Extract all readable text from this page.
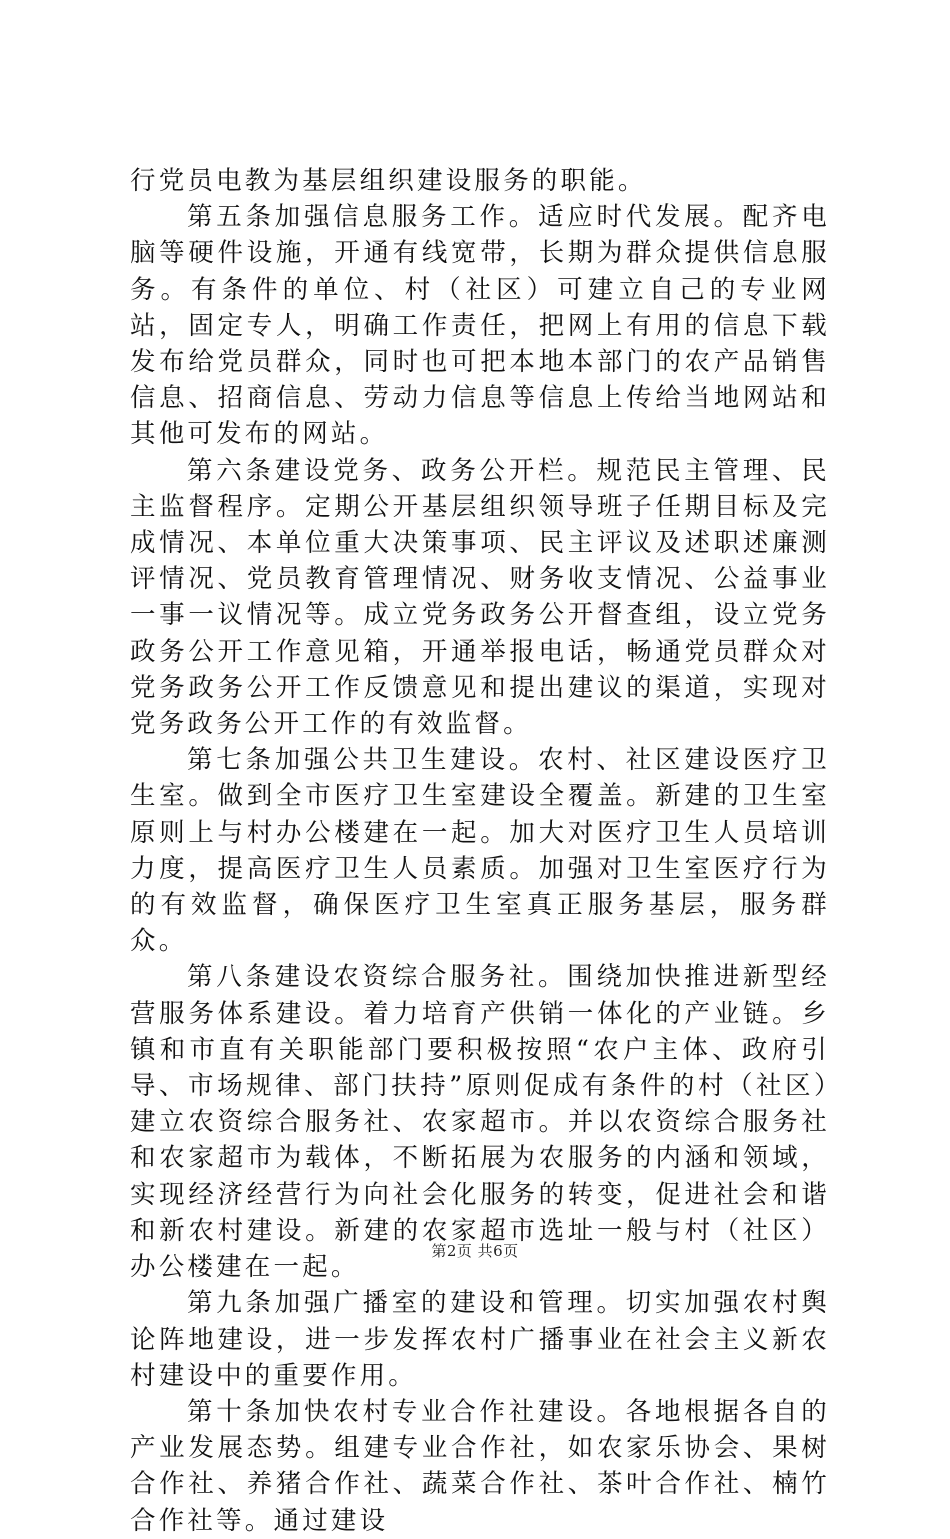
行党员电教为基层组织建设服务的职能。

第五条加强信息服务工作。适应时代发展。配齐电脑等硬件设施，开通有线宽带，长期为群众提供信息服务。有条件的单位、村（社区）可建立自己的专业网站，固定专人，明确工作责任，把网上有用的信息下载发布给党员群众，同时也可把本地本部门的农产品销售信息、招商信息、劳动力信息等信息上传给当地网站和其他可发布的网站。

第六条建设党务、政务公开栏。规范民主管理、民主监督程序。定期公开基层组织领导班子任期目标及完成情况、本单位重大决策事项、民主评议及述职述廉测评情况、党员教育管理情况、财务收支情况、公益事业一事一议情况等。成立党务政务公开督查组，设立党务政务公开工作意见箱，开通举报电话，畅通党员群众对党务政务公开工作反馈意见和提出建议的渠道，实现对党务政务公开工作的有效监督。

第七条加强公共卫生建设。农村、社区建设医疗卫生室。做到全市医疗卫生室建设全覆盖。新建的卫生室原则上与村办公楼建在一起。加大对医疗卫生人员培训力度，提高医疗卫生人员素质。加强对卫生室医疗行为的有效监督，确保医疗卫生室真正服务基层，服务群众。

第八条建设农资综合服务社。围绕加快推进新型经营服务体系建设。着力培育产供销一体化的产业链。乡镇和市直有关职能部门要积极按照“农户主体、政府引导、市场规律、部门扶持”原则促成有条件的村（社区）建立农资综合服务社、农家超市。并以农资综合服务社和农家超市为载体，不断拓展为农服务的内涵和领域，实现经济经营行为向社会化服务的转变，促进社会和谐和新农村建设。新建的农家超市选址一般与村（社区）办公楼建在一起。

第九条加强广播室的建设和管理。切实加强农村舆论阵地建设，进一步发挥农村广播事业在社会主义新农村建设中的重要作用。

第十条加快农村专业合作社建设。各地根据各自的产业发展态势。组建专业合作社，如农家乐协会、果树合作社、养猪合作社、蔬菜合作社、茶叶合作社、楠竹合作社等。通过建设

第2页 共6页
